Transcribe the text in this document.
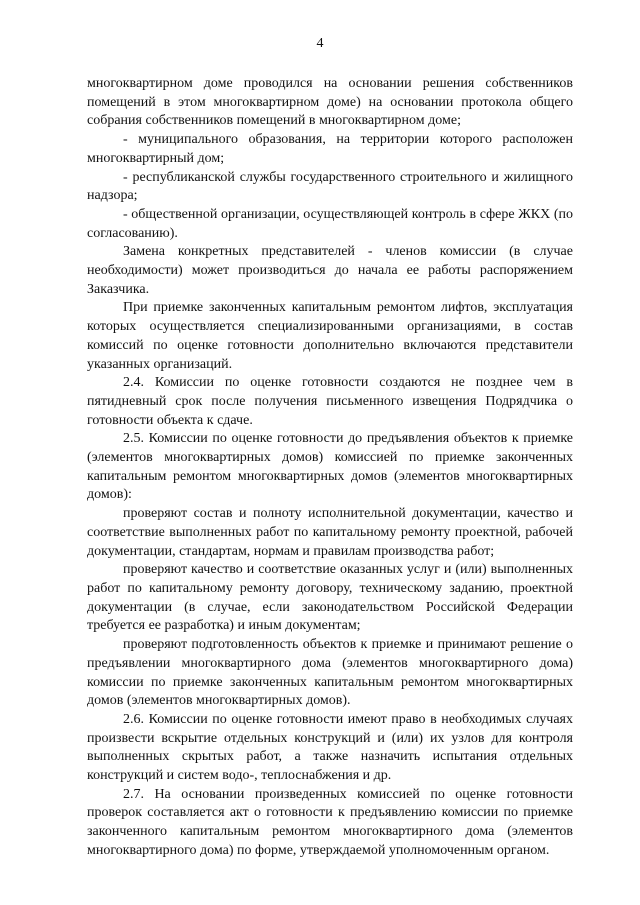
4

многоквартирном доме проводился на основании решения собственников помещений в этом многоквартирном доме) на основании протокола общего собрания собственников помещений в многоквартирном доме;

- муниципального образования, на территории которого расположен многоквартирный дом;

- республиканской службы государственного строительного и жилищного надзора;

- общественной организации, осуществляющей контроль в сфере ЖКХ (по согласованию).

Замена конкретных представителей - членов комиссии (в случае необходимости) может производиться до начала ее работы распоряжением Заказчика.

При приемке законченных капитальным ремонтом лифтов, эксплуатация которых осуществляется специализированными организациями, в состав комиссий по оценке готовности дополнительно включаются представители указанных организаций.

2.4. Комиссии по оценке готовности создаются не позднее чем в пятидневный срок после получения письменного извещения Подрядчика о готовности объекта к сдаче.

2.5. Комиссии по оценке готовности до предъявления объектов к приемке (элементов многоквартирных домов) комиссией по приемке законченных капитальным ремонтом многоквартирных домов (элементов многоквартирных домов):

проверяют состав и полноту исполнительной документации, качество и соответствие выполненных работ по капитальному ремонту проектной, рабочей документации, стандартам, нормам и правилам производства работ;

проверяют качество и соответствие оказанных услуг и (или) выполненных работ по капитальному ремонту договору, техническому заданию, проектной документации (в случае, если законодательством Российской Федерации требуется ее разработка) и иным документам;

проверяют подготовленность объектов к приемке и принимают решение о предъявлении многоквартирного дома (элементов многоквартирного дома) комиссии по приемке законченных капитальным ремонтом многоквартирных домов (элементов многоквартирных домов).

2.6. Комиссии по оценке готовности имеют право в необходимых случаях произвести вскрытие отдельных конструкций и (или) их узлов для контроля выполненных скрытых работ, а также назначить испытания отдельных конструкций и систем водо-, теплоснабжения и др.

2.7. На основании произведенных комиссией по оценке готовности проверок составляется акт о готовности к предъявлению комиссии по приемке законченного капитальным ремонтом многоквартирного дома (элементов многоквартирного дома) по форме, утверждаемой уполномоченным органом.
